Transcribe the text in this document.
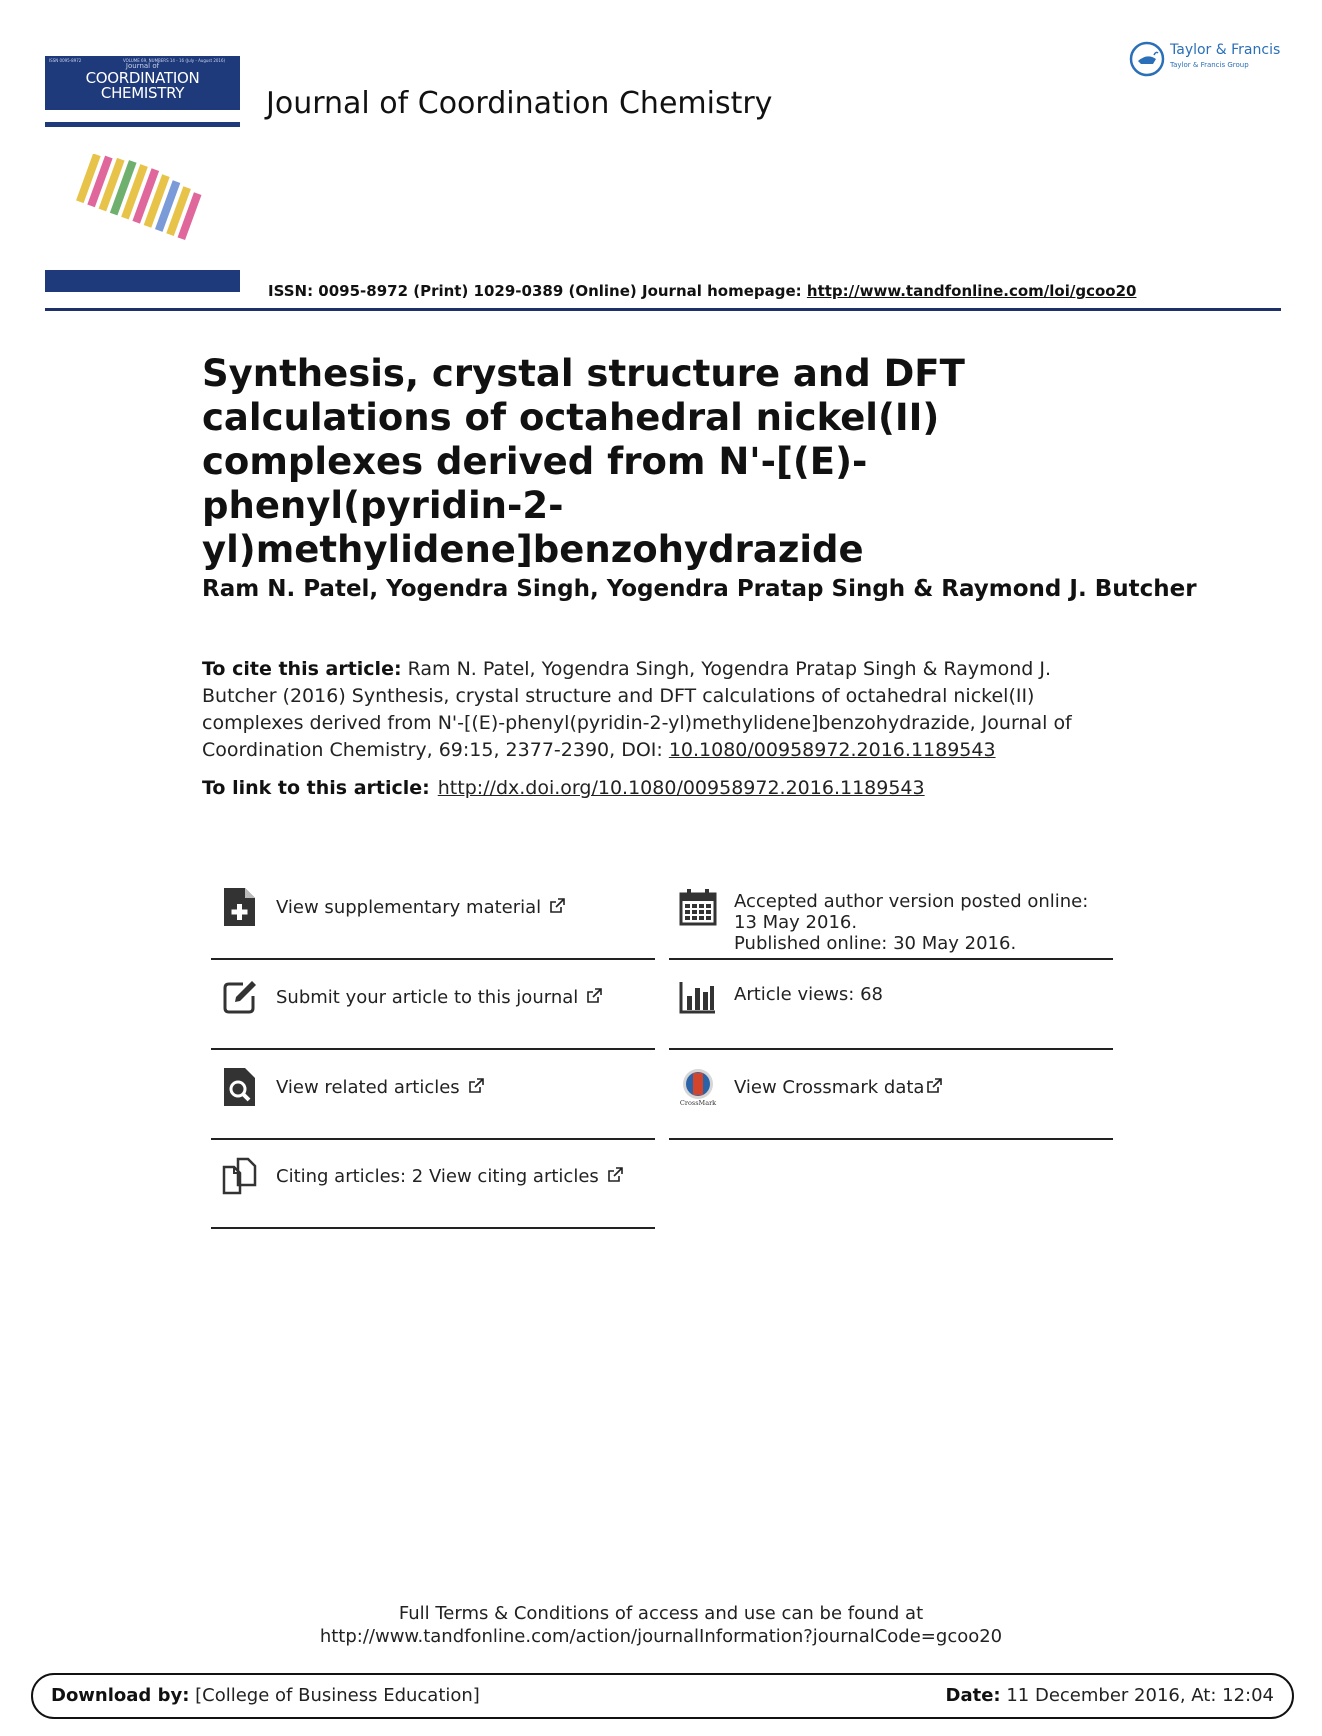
ISSN 0095-8972	VOLUME 69, NUMBERS 14 - 16 (July - August 2016)
Journal of
COORDINATION
CHEMISTRY
Taylor & Francis
Journal of Coordination Chemistry
Taylor & Francis
Taylor & Francis Group
ISSN: 0095-8972 (Print) 1029-0389 (Online) Journal homepage: http://www.tandfonline.com/loi/gcoo20
Synthesis, crystal structure and DFT calculations of octahedral nickel(II) complexes derived from N'-[(E)-phenyl(pyridin-2-yl)methylidene]benzohydrazide
Ram N. Patel, Yogendra Singh, Yogendra Pratap Singh & Raymond J. Butcher
To cite this article: Ram N. Patel, Yogendra Singh, Yogendra Pratap Singh & Raymond J. Butcher (2016) Synthesis, crystal structure and DFT calculations of octahedral nickel(II) complexes derived from N'-[(E)-phenyl(pyridin-2-yl)methylidene]benzohydrazide, Journal of Coordination Chemistry, 69:15, 2377-2390, DOI: 10.1080/00958972.2016.1189543
To link to this article: http://dx.doi.org/10.1080/00958972.2016.1189543
View supplementary material
Submit your article to this journal
View related articles
Citing articles: 2 View citing articles
Accepted author version posted online: 13 May 2016.
Published online: 30 May 2016.
Article views: 68
CrossMark
View Crossmark data
Full Terms & Conditions of access and use can be found at
http://www.tandfonline.com/action/journalInformation?journalCode=gcoo20
Download by: [College of Business Education]	Date: 11 December 2016, At: 12:04
